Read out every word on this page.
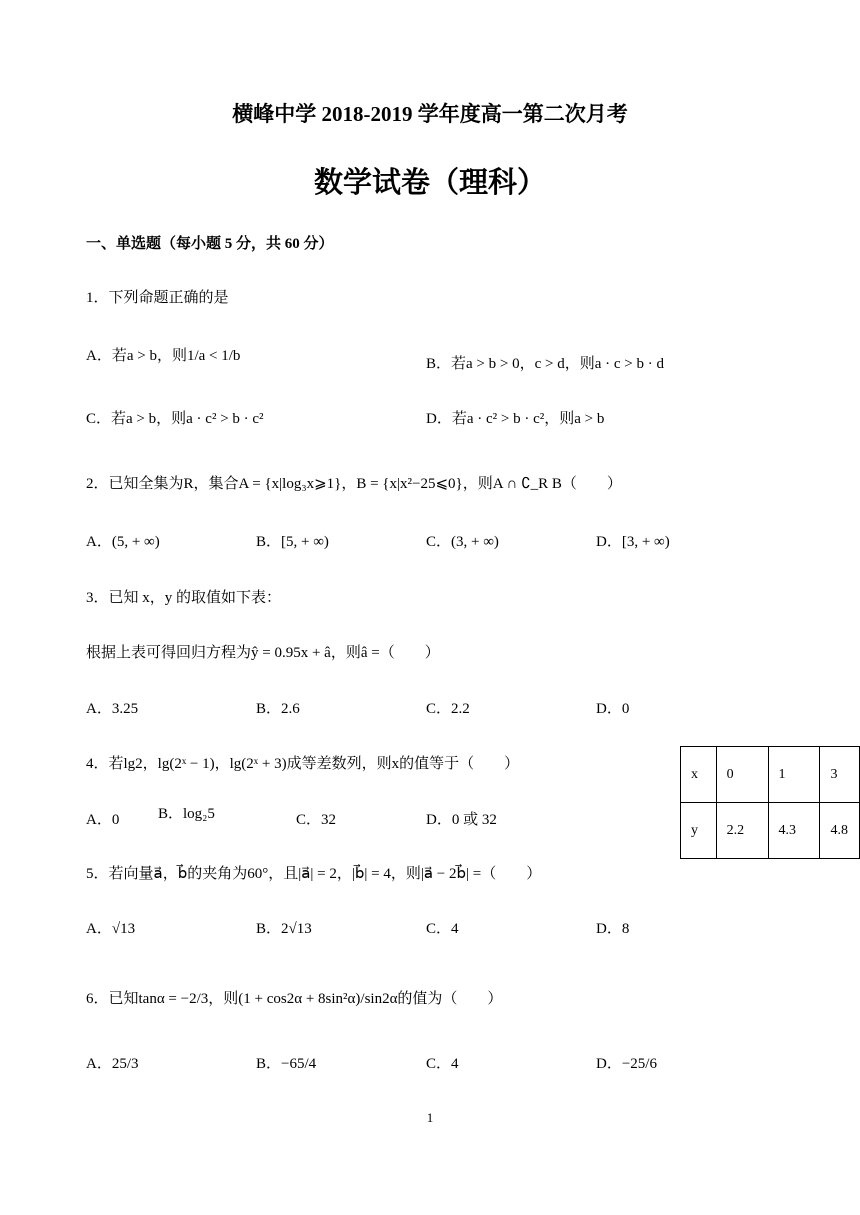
横峰中学 2018-2019 学年度高一第二次月考
数学试卷（理科）
一、单选题（每小题 5 分，共 60 分）
1．下列命题正确的是
A．若a > b，则1/a < 1/b	B．若a > b > 0，c > d，则a · c > b · d
C．若a > b，则a · c² > b · c²	D．若a · c² > b · c²，则a > b
2．已知全集为R，集合A = {x|log₃x⩾1}，B = {x|x²−25⩽0}，则A ∩ ∁_R B（　　）
A．(5, + ∞)	B．[5, + ∞)	C．(3, + ∞)	D．[3, + ∞)
3．已知 x，y 的取值如下表：
根据上表可得回归方程为ŷ = 0.95x + â，则â =（　　）
A．3.25	B．2.6	C．2.2	D．0
4．若lg2，lg(2ˣ − 1)，lg(2ˣ + 3)成等差数列，则x的值等于（　　）
A．0	B．log₂5	C．32	D．0 或 32
5．若向量a⃗，b⃗的夹角为60°，且|a⃗| = 2，|b⃗| = 4，则|a⃗ − 2b⃗| =（　　）
A．√13	B．2√13	C．4	D．8
6．已知tanα = −2/3，则(1 + cos2α + 8sin²α)/sin2α的值为（　　）
A．25/3	B．−65/4	C．4	D．−25/6
x	0	1	3
y	2.2	4.3	4.8
1
